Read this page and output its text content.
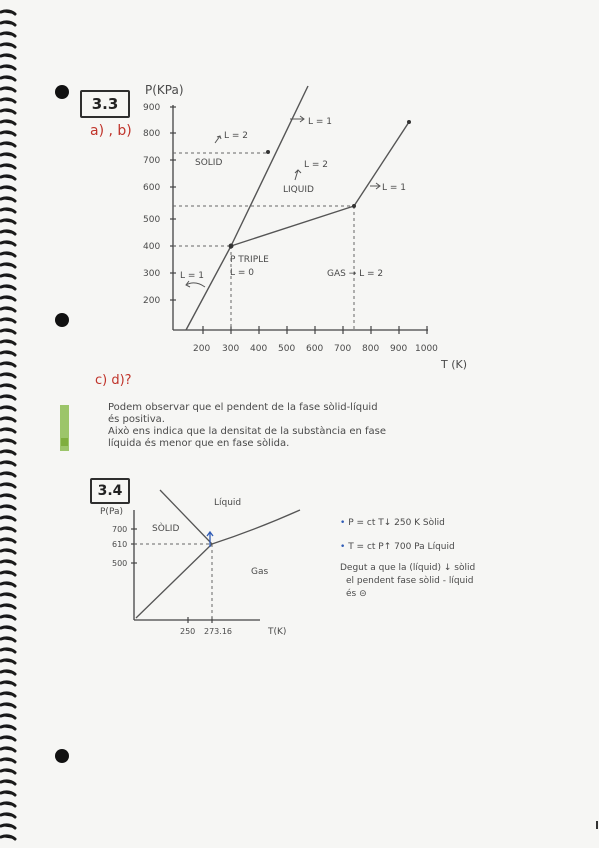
3.3
a) , b)
900
800
700
600
500
400
300
200
200 300 400 500 600 700 800 900 1000
P(KPa)
T (K)
L = 1
L = 2
SOLID	L = 2
LIQUID	L = 1
P TRIPLE
L = 0	GAS → L = 2
L = 1
c) d)?
Podem observar que el pendent de la fase sòlid-líquid
és positiva.
Això ens indica que la densitat de la substància en fase
líquida és menor que en fase sòlida.
3.4
P(Pa)
700
610
500
250 273.16	T(K)
Líquid
SÒLID
Gas
• P = ct T↓ 250 K Sòlid
• T = ct P↑ 700 Pa Líquid
Degut a que la (líquid) ↓ sòlid
el pendent fase sòlid - líquid
és ⊝
